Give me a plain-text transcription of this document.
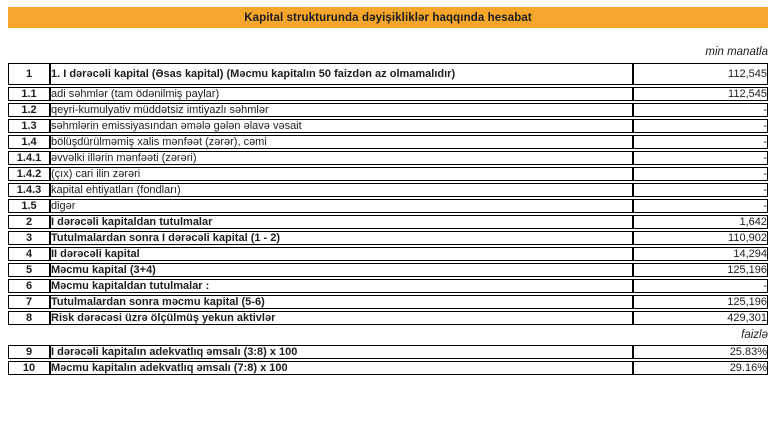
Kapital strukturunda dəyişikliklər haqqında hesabat
min manatla
1	1. I dərəcəli kapital (Əsas kapital) (Məcmu kapitalın 50 faizdən az olmamalıdır)	112,545
1.1	adi səhmlər (tam ödənilmiş paylar)	112,545
1.2	qeyri-kumulyativ müddətsiz imtiyazlı səhmlər	-
1.3	səhmlərin emissiyasından əmələ gələn əlavə vəsait	-
1.4	bölüşdürülməmiş xalis mənfəət (zərər), cəmi	-
1.4.1	əvvəlki illərin mənfəəti (zərəri)	-
1.4.2	(çıx) cari ilin zərəri	-
1.4.3	kapital ehtiyatları (fondları)	-
1.5	digər	-
2	I dərəcəli kapitaldan tutulmalar	1,642
3	Tutulmalardan sonra I dərəcəli kapital (1 - 2)	110,902
4	II dərəcəli kapital	14,294
5	Məcmu kapital (3+4)	125,196
6	Məcmu kapitaldan tutulmalar :	-
7	Tutulmalardan sonra məcmu kapital (5-6)	125,196
8	Risk dərəcəsi üzrə ölçülmüş yekun aktivlər	429,301
faizlə
9	I dərəcəli kapitalın adekvatlıq əmsalı (3:8) x 100	25.83%
10	Məcmu kapitalın adekvatlıq əmsalı (7:8) x 100	29.16%
